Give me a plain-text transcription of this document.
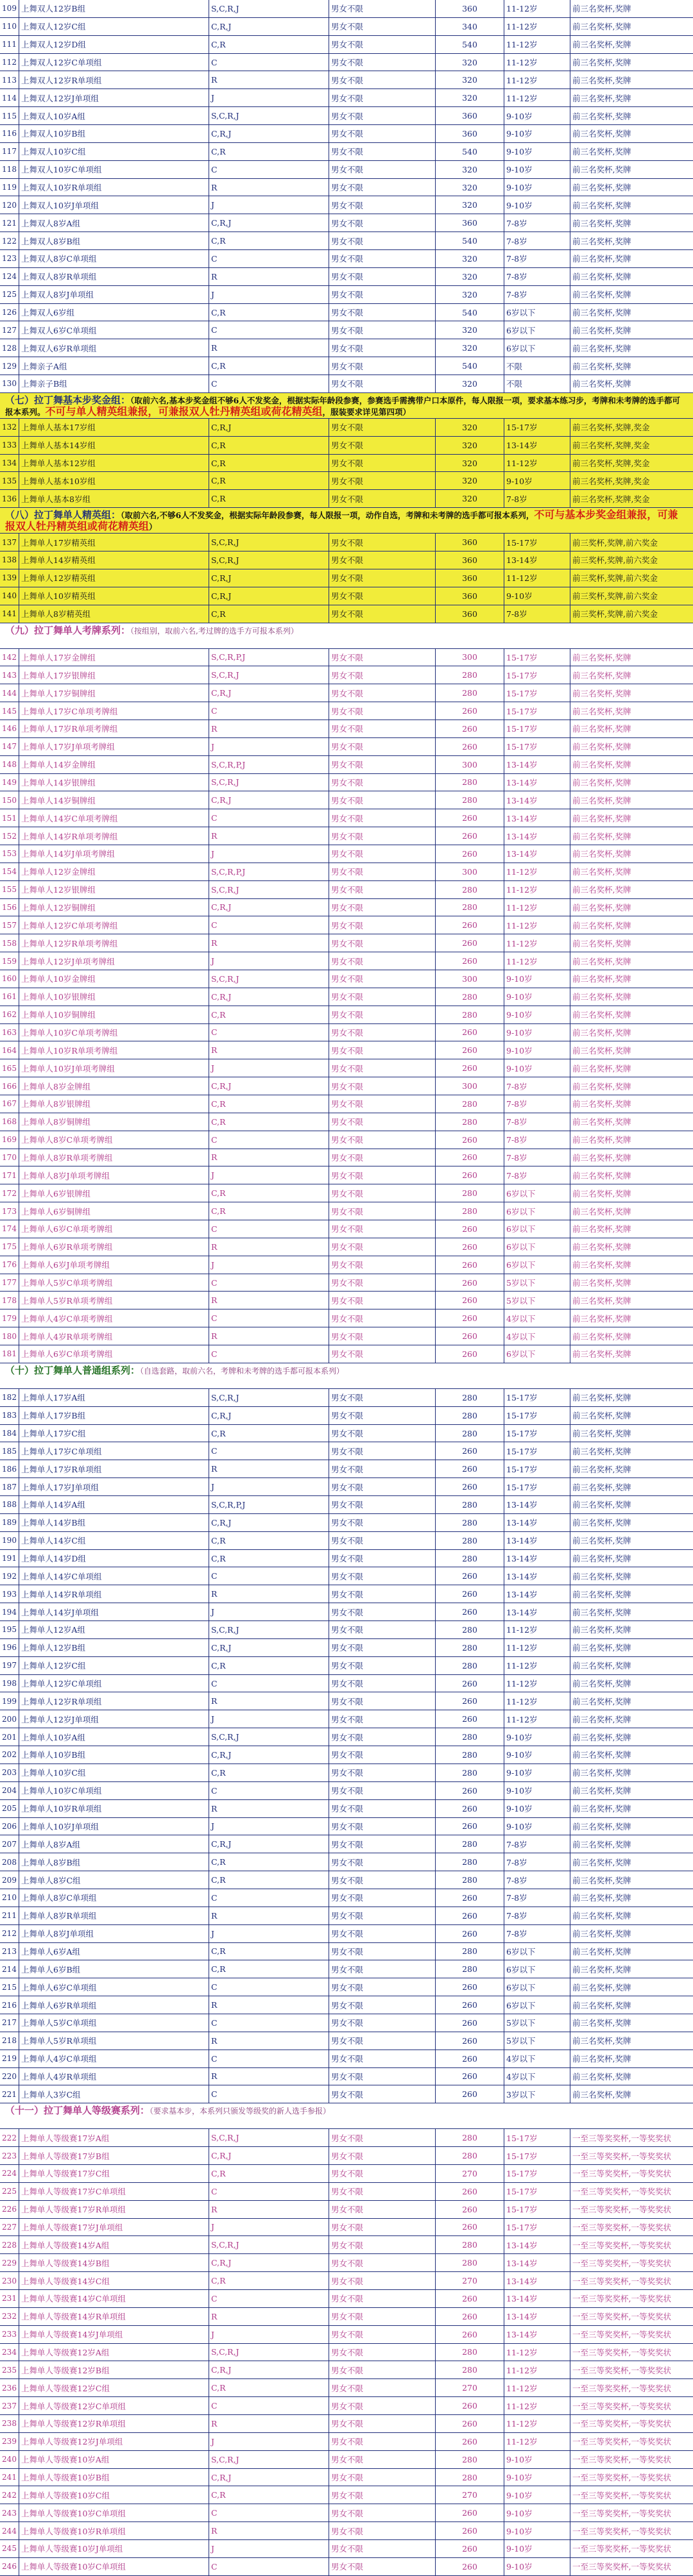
109 上舞双人12岁B组	S,C,R,J	男女不限	360	11-12岁	前三名奖杯,奖牌
110 上舞双人12岁C组	C,R,J	男女不限	340	11-12岁	前三名奖杯,奖牌
111 上舞双人12岁D组	C,R	男女不限	540	11-12岁	前三名奖杯,奖牌
112 上舞双人12岁C单项组	C	男女不限	320	11-12岁	前三名奖杯,奖牌
113 上舞双人12岁R单项组	R	男女不限	320	11-12岁	前三名奖杯,奖牌
114 上舞双人12岁J单项组	J	男女不限	320	11-12岁	前三名奖杯,奖牌
115 上舞双人10岁A组	S,C,R,J	男女不限	360	9-10岁	前三名奖杯,奖牌
116 上舞双人10岁B组	C,R,J	男女不限	360	9-10岁	前三名奖杯,奖牌
117 上舞双人10岁C组	C,R	男女不限	540	9-10岁	前三名奖杯,奖牌
118 上舞双人10岁C单项组	C	男女不限	320	9-10岁	前三名奖杯,奖牌
119 上舞双人10岁R单项组	R	男女不限	320	9-10岁	前三名奖杯,奖牌
120 上舞双人10岁J单项组	J	男女不限	320	9-10岁	前三名奖杯,奖牌
121 上舞双人8岁A组	C,R,J	男女不限	360	7-8岁	前三名奖杯,奖牌
122 上舞双人8岁B组	C,R	男女不限	540	7-8岁	前三名奖杯,奖牌
123 上舞双人8岁C单项组	C	男女不限	320	7-8岁	前三名奖杯,奖牌
124 上舞双人8岁R单项组	R	男女不限	320	7-8岁	前三名奖杯,奖牌
125 上舞双人8岁J单项组	J	男女不限	320	7-8岁	前三名奖杯,奖牌
126 上舞双人6岁组	C,R	男女不限	540	6岁以下	前三名奖杯,奖牌
127 上舞双人6岁C单项组	C	男女不限	320	6岁以下	前三名奖杯,奖牌
128 上舞双人6岁R单项组	R	男女不限	320	6岁以下	前三名奖杯,奖牌
129 上舞亲子A组	C,R	男女不限	540	不限	前三名奖杯,奖牌
130 上舞亲子B组	C	男女不限	320	不限	前三名奖杯,奖牌
（七）拉丁舞基本步奖金组：（取前六名,基本步奖金组不够6人不发奖金，根据实际年龄段参赛，参赛选手需携带户口本原件，每人限报一项，要求基本练习步，考牌和未考牌的选手都可报本系列。不可与单人精英组兼报，可兼报双人牡丹精英组或荷花精英组，服装要求详见第四项）
132 上舞单人基本17岁组	C,R,J	男女不限	320	15-17岁	前三名奖杯,奖牌,奖金
133 上舞单人基本14岁组	C,R	男女不限	320	13-14岁	前三名奖杯,奖牌,奖金
134 上舞单人基本12岁组	C,R	男女不限	320	11-12岁	前三名奖杯,奖牌,奖金
135 上舞单人基本10岁组	C,R	男女不限	320	9-10岁	前三名奖杯,奖牌,奖金
136 上舞单人基本8岁组	C,R	男女不限	320	7-8岁	前三名奖杯,奖牌,奖金
（八）拉丁舞单人精英组：（取前六名,不够6人不发奖金，根据实际年龄段参赛，每人限报一项，动作自选，考牌和未考牌的选手都可报本系列，不可与基本步奖金组兼报，可兼报双人牡丹精英组或荷花精英组）
137 上舞单人17岁精英组	S,C,R,J	男女不限	360	15-17岁	前三奖杯,奖牌,前六奖金
138 上舞单人14岁精英组	S,C,R,J	男女不限	360	13-14岁	前三奖杯,奖牌,前六奖金
139 上舞单人12岁精英组	C,R,J	男女不限	360	11-12岁	前三奖杯,奖牌,前六奖金
140 上舞单人10岁精英组	C,R,J	男女不限	360	9-10岁	前三奖杯,奖牌,前六奖金
141 上舞单人8岁精英组	C,R	男女不限	360	7-8岁	前三奖杯,奖牌,前六奖金
（九）拉丁舞单人考牌系列：（按组别，取前六名,考过牌的选手方可报本系列）
142 上舞单人17岁金牌组	S,C,R,P,J	男女不限	300	15-17岁	前三名奖杯,奖牌
143 上舞单人17岁银牌组	S,C,R,J	男女不限	280	15-17岁	前三名奖杯,奖牌
144 上舞单人17岁铜牌组	C,R,J	男女不限	280	15-17岁	前三名奖杯,奖牌
145 上舞单人17岁C单项考牌组	C	男女不限	260	15-17岁	前三名奖杯,奖牌
146 上舞单人17岁R单项考牌组	R	男女不限	260	15-17岁	前三名奖杯,奖牌
147 上舞单人17岁J单项考牌组	J	男女不限	260	15-17岁	前三名奖杯,奖牌
148 上舞单人14岁金牌组	S,C,R,P,J	男女不限	300	13-14岁	前三名奖杯,奖牌
149 上舞单人14岁银牌组	S,C,R,J	男女不限	280	13-14岁	前三名奖杯,奖牌
150 上舞单人14岁铜牌组	C,R,J	男女不限	280	13-14岁	前三名奖杯,奖牌
151 上舞单人14岁C单项考牌组	C	男女不限	260	13-14岁	前三名奖杯,奖牌
152 上舞单人14岁R单项考牌组	R	男女不限	260	13-14岁	前三名奖杯,奖牌
153 上舞单人14岁J单项考牌组	J	男女不限	260	13-14岁	前三名奖杯,奖牌
154 上舞单人12岁金牌组	S,C,R,P,J	男女不限	300	11-12岁	前三名奖杯,奖牌
155 上舞单人12岁银牌组	S,C,R,J	男女不限	280	11-12岁	前三名奖杯,奖牌
156 上舞单人12岁铜牌组	C,R,J	男女不限	280	11-12岁	前三名奖杯,奖牌
157 上舞单人12岁C单项考牌组	C	男女不限	260	11-12岁	前三名奖杯,奖牌
158 上舞单人12岁R单项考牌组	R	男女不限	260	11-12岁	前三名奖杯,奖牌
159 上舞单人12岁J单项考牌组	J	男女不限	260	11-12岁	前三名奖杯,奖牌
160 上舞单人10岁金牌组	S,C,R,J	男女不限	300	9-10岁	前三名奖杯,奖牌
161 上舞单人10岁银牌组	C,R,J	男女不限	280	9-10岁	前三名奖杯,奖牌
162 上舞单人10岁铜牌组	C,R	男女不限	280	9-10岁	前三名奖杯,奖牌
163 上舞单人10岁C单项考牌组	C	男女不限	260	9-10岁	前三名奖杯,奖牌
164 上舞单人10岁R单项考牌组	R	男女不限	260	9-10岁	前三名奖杯,奖牌
165 上舞单人10岁J单项考牌组	J	男女不限	260	9-10岁	前三名奖杯,奖牌
166 上舞单人8岁金牌组	C,R,J	男女不限	300	7-8岁	前三名奖杯,奖牌
167 上舞单人8岁银牌组	C,R	男女不限	280	7-8岁	前三名奖杯,奖牌
168 上舞单人8岁铜牌组	C,R	男女不限	280	7-8岁	前三名奖杯,奖牌
169 上舞单人8岁C单项考牌组	C	男女不限	260	7-8岁	前三名奖杯,奖牌
170 上舞单人8岁R单项考牌组	R	男女不限	260	7-8岁	前三名奖杯,奖牌
171 上舞单人8岁J单项考牌组	J	男女不限	260	7-8岁	前三名奖杯,奖牌
172 上舞单人6岁银牌组	C,R	男女不限	280	6岁以下	前三名奖杯,奖牌
173 上舞单人6岁铜牌组	C,R	男女不限	280	6岁以下	前三名奖杯,奖牌
174 上舞单人6岁C单项考牌组	C	男女不限	260	6岁以下	前三名奖杯,奖牌
175 上舞单人6岁R单项考牌组	R	男女不限	260	6岁以下	前三名奖杯,奖牌
176 上舞单人6岁J单项考牌组	J	男女不限	260	6岁以下	前三名奖杯,奖牌
177 上舞单人5岁C单项考牌组	C	男女不限	260	5岁以下	前三名奖杯,奖牌
178 上舞单人5岁R单项考牌组	R	男女不限	260	5岁以下	前三名奖杯,奖牌
179 上舞单人4岁C单项考牌组	C	男女不限	260	4岁以下	前三名奖杯,奖牌
180 上舞单人4岁R单项考牌组	R	男女不限	260	4岁以下	前三名奖杯,奖牌
181 上舞单人6岁C单项考牌组	C	男女不限	260	6岁以下	前三名奖杯,奖牌
（十）拉丁舞单人普通组系列：（自选套路，取前六名，考牌和未考牌的选手都可报本系列）
182 上舞单人17岁A组	S,C,R,J	男女不限	280	15-17岁	前三名奖杯,奖牌
183 上舞单人17岁B组	C,R,J	男女不限	280	15-17岁	前三名奖杯,奖牌
184 上舞单人17岁C组	C,R	男女不限	280	15-17岁	前三名奖杯,奖牌
185 上舞单人17岁C单项组	C	男女不限	260	15-17岁	前三名奖杯,奖牌
186 上舞单人17岁R单项组	R	男女不限	260	15-17岁	前三名奖杯,奖牌
187 上舞单人17岁J单项组	J	男女不限	260	15-17岁	前三名奖杯,奖牌
188 上舞单人14岁A组	S,C,R,P,J	男女不限	280	13-14岁	前三名奖杯,奖牌
189 上舞单人14岁B组	C,R,J	男女不限	280	13-14岁	前三名奖杯,奖牌
190 上舞单人14岁C组	C,R	男女不限	280	13-14岁	前三名奖杯,奖牌
191 上舞单人14岁D组	C,R	男女不限	280	13-14岁	前三名奖杯,奖牌
192 上舞单人14岁C单项组	C	男女不限	260	13-14岁	前三名奖杯,奖牌
193 上舞单人14岁R单项组	R	男女不限	260	13-14岁	前三名奖杯,奖牌
194 上舞单人14岁J单项组	J	男女不限	260	13-14岁	前三名奖杯,奖牌
195 上舞单人12岁A组	S,C,R,J	男女不限	280	11-12岁	前三名奖杯,奖牌
196 上舞单人12岁B组	C,R,J	男女不限	280	11-12岁	前三名奖杯,奖牌
197 上舞单人12岁C组	C,R	男女不限	280	11-12岁	前三名奖杯,奖牌
198 上舞单人12岁C单项组	C	男女不限	260	11-12岁	前三名奖杯,奖牌
199 上舞单人12岁R单项组	R	男女不限	260	11-12岁	前三名奖杯,奖牌
200 上舞单人12岁J单项组	J	男女不限	260	11-12岁	前三名奖杯,奖牌
201 上舞单人10岁A组	S,C,R,J	男女不限	280	9-10岁	前三名奖杯,奖牌
202 上舞单人10岁B组	C,R,J	男女不限	280	9-10岁	前三名奖杯,奖牌
203 上舞单人10岁C组	C,R	男女不限	280	9-10岁	前三名奖杯,奖牌
204 上舞单人10岁C单项组	C	男女不限	260	9-10岁	前三名奖杯,奖牌
205 上舞单人10岁R单项组	R	男女不限	260	9-10岁	前三名奖杯,奖牌
206 上舞单人10岁J单项组	J	男女不限	260	9-10岁	前三名奖杯,奖牌
207 上舞单人8岁A组	C,R,J	男女不限	280	7-8岁	前三名奖杯,奖牌
208 上舞单人8岁B组	C,R	男女不限	280	7-8岁	前三名奖杯,奖牌
209 上舞单人8岁C组	C,R	男女不限	280	7-8岁	前三名奖杯,奖牌
210 上舞单人8岁C单项组	C	男女不限	260	7-8岁	前三名奖杯,奖牌
211 上舞单人8岁R单项组	R	男女不限	260	7-8岁	前三名奖杯,奖牌
212 上舞单人8岁J单项组	J	男女不限	260	7-8岁	前三名奖杯,奖牌
213 上舞单人6岁A组	C,R	男女不限	280	6岁以下	前三名奖杯,奖牌
214 上舞单人6岁B组	C,R	男女不限	280	6岁以下	前三名奖杯,奖牌
215 上舞单人6岁C单项组	C	男女不限	260	6岁以下	前三名奖杯,奖牌
216 上舞单人6岁R单项组	R	男女不限	260	6岁以下	前三名奖杯,奖牌
217 上舞单人5岁C单项组	C	男女不限	260	5岁以下	前三名奖杯,奖牌
218 上舞单人5岁R单项组	R	男女不限	260	5岁以下	前三名奖杯,奖牌
219 上舞单人4岁C单项组	C	男女不限	260	4岁以下	前三名奖杯,奖牌
220 上舞单人4岁R单项组	R	男女不限	260	4岁以下	前三名奖杯,奖牌
221 上舞单人3岁C组	C	男女不限	260	3岁以下	前三名奖杯,奖牌
（十一）拉丁舞单人等级赛系列：（要求基本步，本系列只颁发等级奖的新人选手参报）
222 上舞单人等级赛17岁A组	S,C,R,J	男女不限	280	15-17岁	一至三等奖奖杯,一等奖奖状
223 上舞单人等级赛17岁B组	C,R,J	男女不限	280	15-17岁	一至三等奖奖杯,一等奖奖状
224 上舞单人等级赛17岁C组	C,R	男女不限	270	15-17岁	一至三等奖奖杯,一等奖奖状
225 上舞单人等级赛17岁C单项组	C	男女不限	260	15-17岁	一至三等奖奖杯,一等奖奖状
226 上舞单人等级赛17岁R单项组	R	男女不限	260	15-17岁	一至三等奖奖杯,一等奖奖状
227 上舞单人等级赛17岁J单项组	J	男女不限	260	15-17岁	一至三等奖奖杯,一等奖奖状
228 上舞单人等级赛14岁A组	S,C,R,J	男女不限	280	13-14岁	一至三等奖奖杯,一等奖奖状
229 上舞单人等级赛14岁B组	C,R,J	男女不限	280	13-14岁	一至三等奖奖杯,一等奖奖状
230 上舞单人等级赛14岁C组	C,R	男女不限	270	13-14岁	一至三等奖奖杯,一等奖奖状
231 上舞单人等级赛14岁C单项组	C	男女不限	260	13-14岁	一至三等奖奖杯,一等奖奖状
232 上舞单人等级赛14岁R单项组	R	男女不限	260	13-14岁	一至三等奖奖杯,一等奖奖状
233 上舞单人等级赛14岁J单项组	J	男女不限	260	13-14岁	一至三等奖奖杯,一等奖奖状
234 上舞单人等级赛12岁A组	S,C,R,J	男女不限	280	11-12岁	一至三等奖奖杯,一等奖奖状
235 上舞单人等级赛12岁B组	C,R,J	男女不限	280	11-12岁	一至三等奖奖杯,一等奖奖状
236 上舞单人等级赛12岁C组	C,R	男女不限	270	11-12岁	一至三等奖奖杯,一等奖奖状
237 上舞单人等级赛12岁C单项组	C	男女不限	260	11-12岁	一至三等奖奖杯,一等奖奖状
238 上舞单人等级赛12岁R单项组	R	男女不限	260	11-12岁	一至三等奖奖杯,一等奖奖状
239 上舞单人等级赛12岁J单项组	J	男女不限	260	11-12岁	一至三等奖奖杯,一等奖奖状
240 上舞单人等级赛10岁A组	S,C,R,J	男女不限	280	9-10岁	一至三等奖奖杯,一等奖奖状
241 上舞单人等级赛10岁B组	C,R,J	男女不限	280	9-10岁	一至三等奖奖杯,一等奖奖状
242 上舞单人等级赛10岁C组	C,R	男女不限	270	9-10岁	一至三等奖奖杯,一等奖奖状
243 上舞单人等级赛10岁C单项组	C	男女不限	260	9-10岁	一至三等奖奖杯,一等奖奖状
244 上舞单人等级赛10岁R单项组	R	男女不限	260	9-10岁	一至三等奖奖杯,一等奖奖状
245 上舞单人等级赛10岁J单项组	J	男女不限	260	9-10岁	一至三等奖奖杯,一等奖奖状
246 上舞单人等级赛10岁C单项组	C	男女不限	260	9-10岁	一至三等奖奖杯,一等奖奖状
